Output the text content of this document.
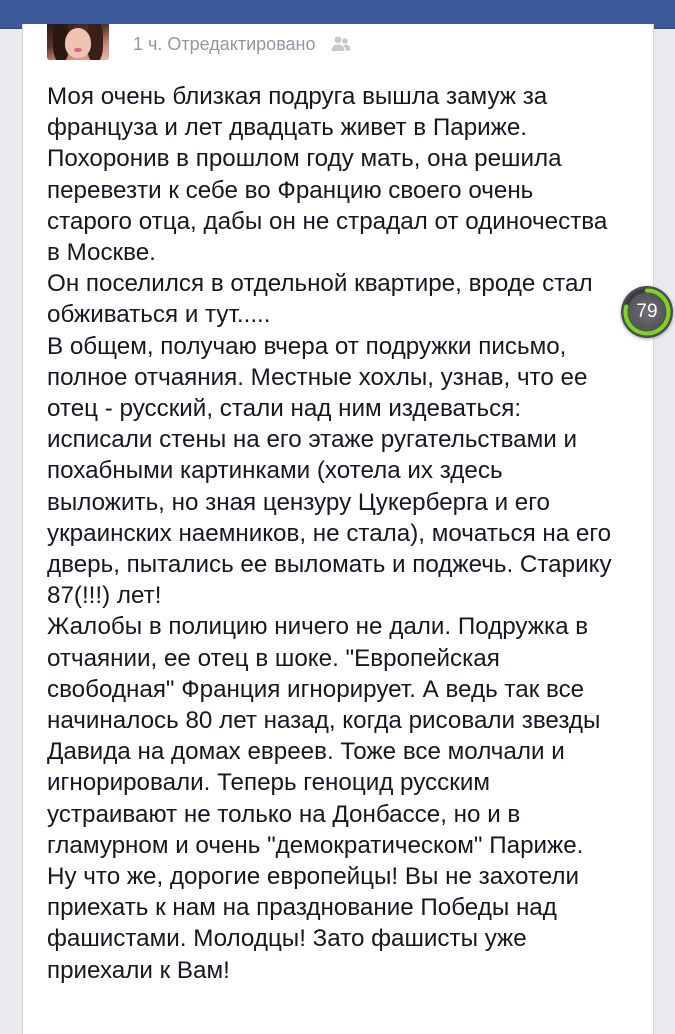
1 ч. Отредактировано
Моя очень близкая подруга вышла замуж за
француза и лет двадцать живет в Париже.
Похоронив в прошлом году мать, она решила
перевезти к себе во Францию своего очень
старого отца, дабы он не страдал от одиночества
в Москве.
Он поселился в отдельной квартире, вроде стал
обживаться и тут.....
В общем, получаю вчера от подружки письмо,
полное отчаяния. Местные хохлы, узнав, что ее
отец - русский, стали над ним издеваться:
исписали стены на его этаже ругательствами и
похабными картинками (хотела их здесь
выложить, но зная цензуру Цукерберга и его
украинских наемников, не стала), мочаться на его
дверь, пытались ее выломать и поджечь. Старику
87(!!!) лет!
Жалобы в полицию ничего не дали. Подружка в
отчаянии, ее отец в шоке. "Европейская
свободная" Франция игнорирует. А ведь так все
начиналось 80 лет назад, когда рисовали звезды
Давида на домах евреев. Тоже все молчали и
игнорировали. Теперь геноцид русским
устраивают не только на Донбассе, но и в
гламурном и очень "демократическом" Париже.
Ну что же, дорогие европейцы! Вы не захотели
приехать к нам на празднование Победы над
фашистами. Молодцы! Зато фашисты уже
приехали к Вам!
79
